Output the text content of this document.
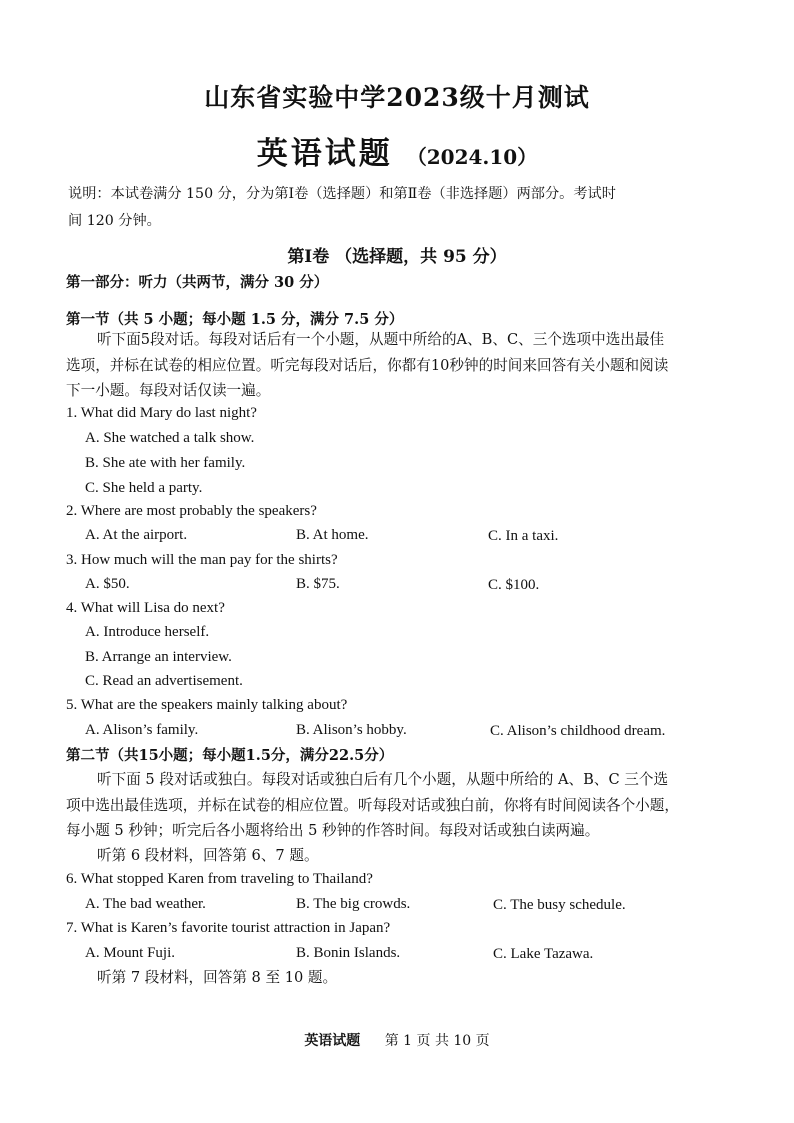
山东省实验中学2023级十月测试
英语试题 （2024.10）
说明：本试卷满分 150 分，分为第Ⅰ卷（选择题）和第Ⅱ卷（非选择题）两部分。考试时
间 120 分钟。
第Ⅰ卷 （选择题，共 95 分）
第一部分：听力（共两节，满分 30 分）
第一节（共 5 小题；每小题 1.5 分，满分 7.5 分）
听下面5段对话。每段对话后有一个小题，从题中所给的A、B、C、三个选项中选出最佳
选项，并标在试卷的相应位置。听完每段对话后，你都有10秒钟的时间来回答有关小题和阅读
下一小题。每段对话仅读一遍。
1. What did Mary do last night?
A. She watched a talk show.
B. She ate with her family.
C. She held a party.
2. Where are most probably the speakers?
A. At the airport.	B. At home.	C. In a taxi.
3. How much will the man pay for the shirts?
A. $50.	B. $75.	C. $100.
4. What will Lisa do next?
A. Introduce herself.
B. Arrange an interview.
C. Read an advertisement.
5. What are the speakers mainly talking about?
A. Alison’s family.	B. Alison’s hobby.	C. Alison’s childhood dream.
第二节（共15小题；每小题1.5分，满分22.5分）
听下面 5 段对话或独白。每段对话或独白后有几个小题，从题中所给的 A、B、C 三个选
项中选出最佳选项，并标在试卷的相应位置。听每段对话或独白前，你将有时间阅读各个小题，
每小题 5 秒钟；听完后各小题将给出 5 秒钟的作答时间。每段对话或独白读两遍。
听第 6 段材料，回答第 6、7 题。
6. What stopped Karen from traveling to Thailand?
A. The bad weather.	B. The big crowds.	C. The busy schedule.
7. What is Karen’s favorite tourist attraction in Japan?
A. Mount Fuji.	B. Bonin Islands.	C. Lake Tazawa.
听第 7 段材料，回答第 8 至 10 题。
英语试题 第 1 页 共 10 页
